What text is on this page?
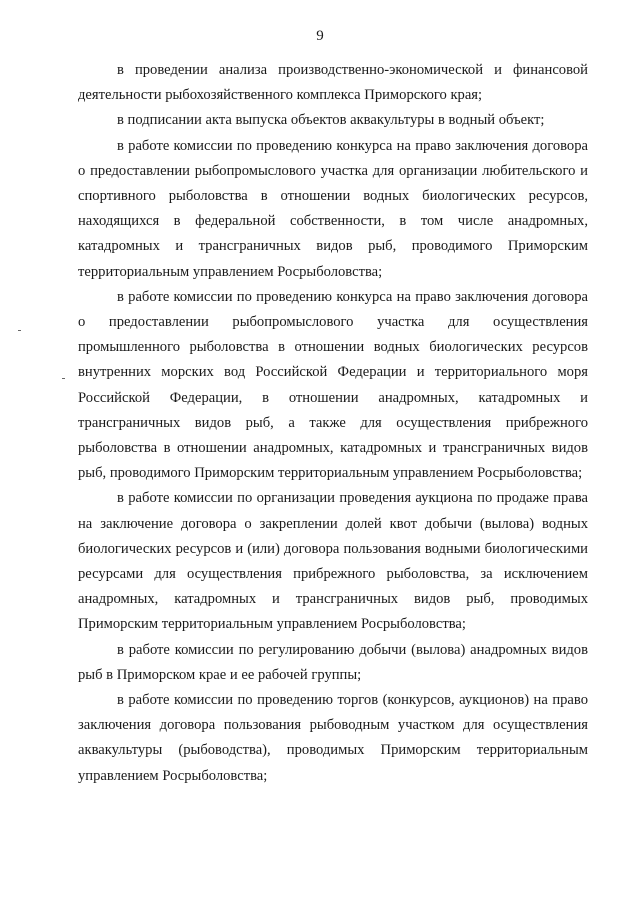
9

в проведении анализа производственно-экономической и финансовой деятельности рыбохозяйственного комплекса Приморского края;

в подписании акта выпуска объектов аквакультуры в водный объект;

в работе комиссии по проведению конкурса на право заключения договора о предоставлении рыбопромыслового участка для организации любительского и спортивного рыболовства в отношении водных биологических ресурсов, находящихся в федеральной собственности, в том числе анадромных, катадромных и трансграничных видов рыб, проводимого Приморским территориальным управлением Росрыболовства;

в работе комиссии по проведению конкурса на право заключения договора о предоставлении рыбопромыслового участка для осуществления промышленного рыболовства в отношении водных биологических ресурсов внутренних морских вод Российской Федерации и территориального моря Российской Федерации, в отношении анадромных, катадромных и трансграничных видов рыб, а также для осуществления прибрежного рыболовства в отношении анадромных, катадромных и трансграничных видов рыб, проводимого Приморским территориальным управлением Росрыболовства;

в работе комиссии по организации проведения аукциона по продаже права на заключение договора о закреплении долей квот добычи (вылова) водных биологических ресурсов и (или) договора пользования водными биологическими ресурсами для осуществления прибрежного рыболовства, за исключением анадромных, катадромных и трансграничных видов рыб, проводимых Приморским территориальным управлением Росрыболовства;

в работе комиссии по регулированию добычи (вылова) анадромных видов рыб в Приморском крае и ее рабочей группы;

в работе комиссии по проведению торгов (конкурсов, аукционов) на право заключения договора пользования рыбоводным участком для осуществления аквакультуры (рыбоводства), проводимых Приморским территориальным управлением Росрыболовства;
